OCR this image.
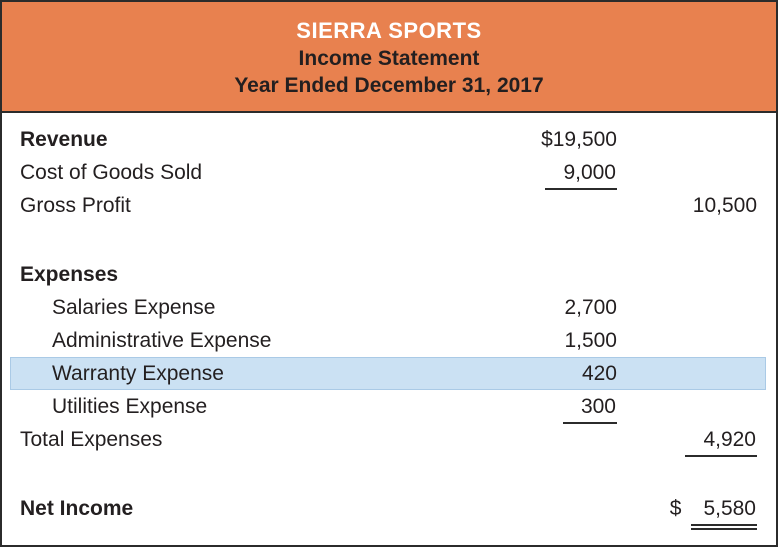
SIERRA SPORTS
Income Statement
Year Ended December 31, 2017
Revenue	$19,500
Cost of Goods Sold	9,000
Gross Profit	10,500
Expenses
Salaries Expense	2,700
Administrative Expense	1,500
Warranty Expense	420
Utilities Expense	300
Total Expenses	4,920
Net Income	$ 5,580
